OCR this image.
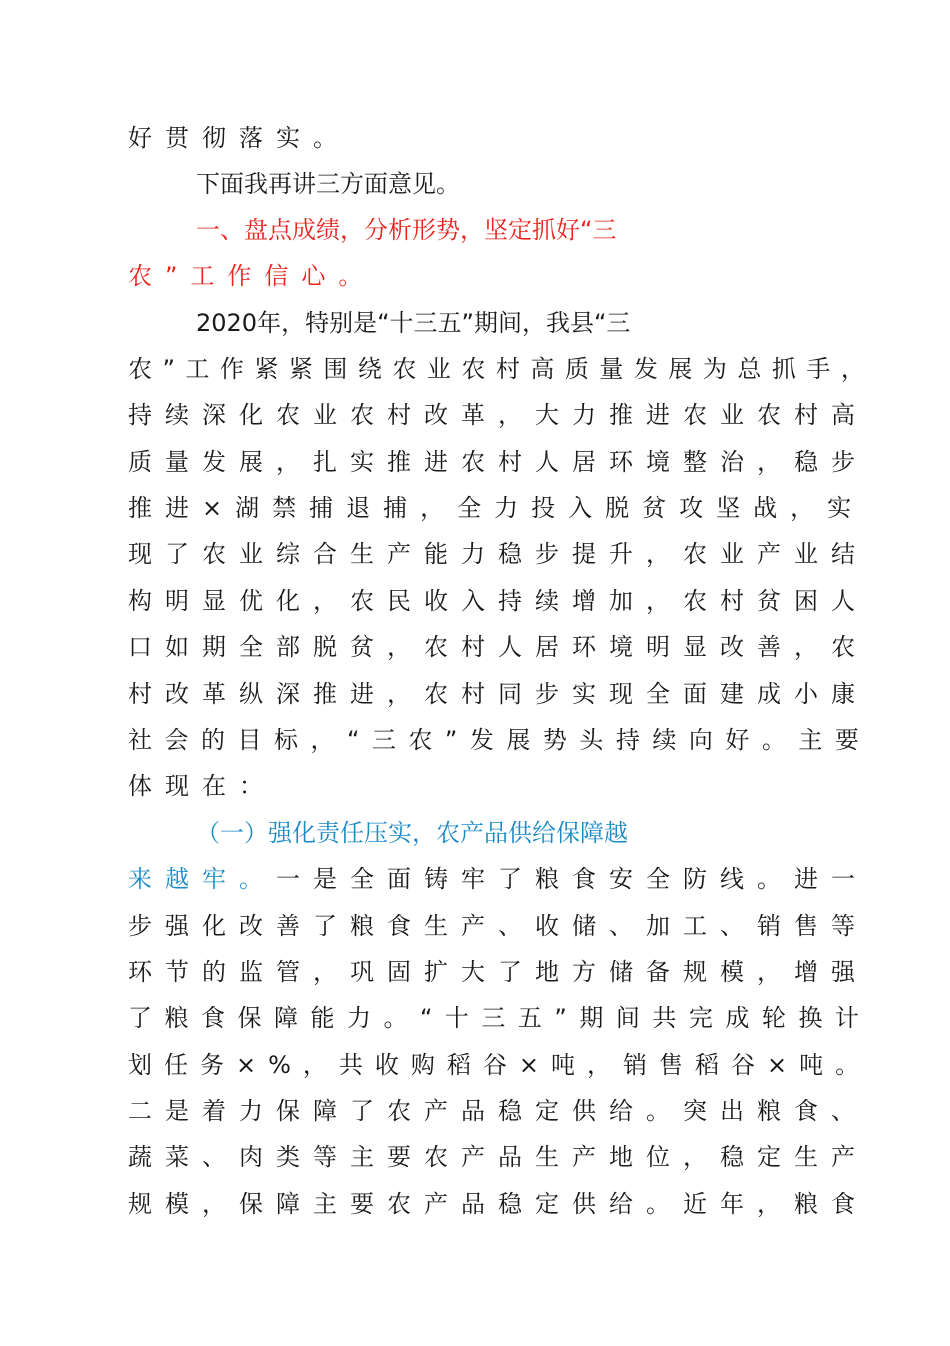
好贯彻落实。
下面我再讲三方面意见。
一、盘点成绩，分析形势，坚定抓好“三
农”工作信心。
2020年，特别是“十三五”期间，我县“三
农”工作紧紧围绕农业农村高质量发展为总抓手，
持续深化农业农村改革，大力推进农业农村高
质量发展，扎实推进农村人居环境整治，稳步
推进×湖禁捕退捕，全力投入脱贫攻坚战，实
现了农业综合生产能力稳步提升，农业产业结
构明显优化，农民收入持续增加，农村贫困人
口如期全部脱贫，农村人居环境明显改善，农
村改革纵深推进，农村同步实现全面建成小康
社会的目标，“三农”发展势头持续向好。主要
体现在：
（一）强化责任压实，农产品供给保障越
来越牢。一是全面铸牢了粮食安全防线。进一
步强化改善了粮食生产、收储、加工、销售等
环节的监管，巩固扩大了地方储备规模，增强
了粮食保障能力。“十三五”期间共完成轮换计
划任务×%，共收购稻谷×吨，销售稻谷×吨。
二是着力保障了农产品稳定供给。突出粮食、
蔬菜、肉类等主要农产品生产地位，稳定生产
规模，保障主要农产品稳定供给。近年，粮食
